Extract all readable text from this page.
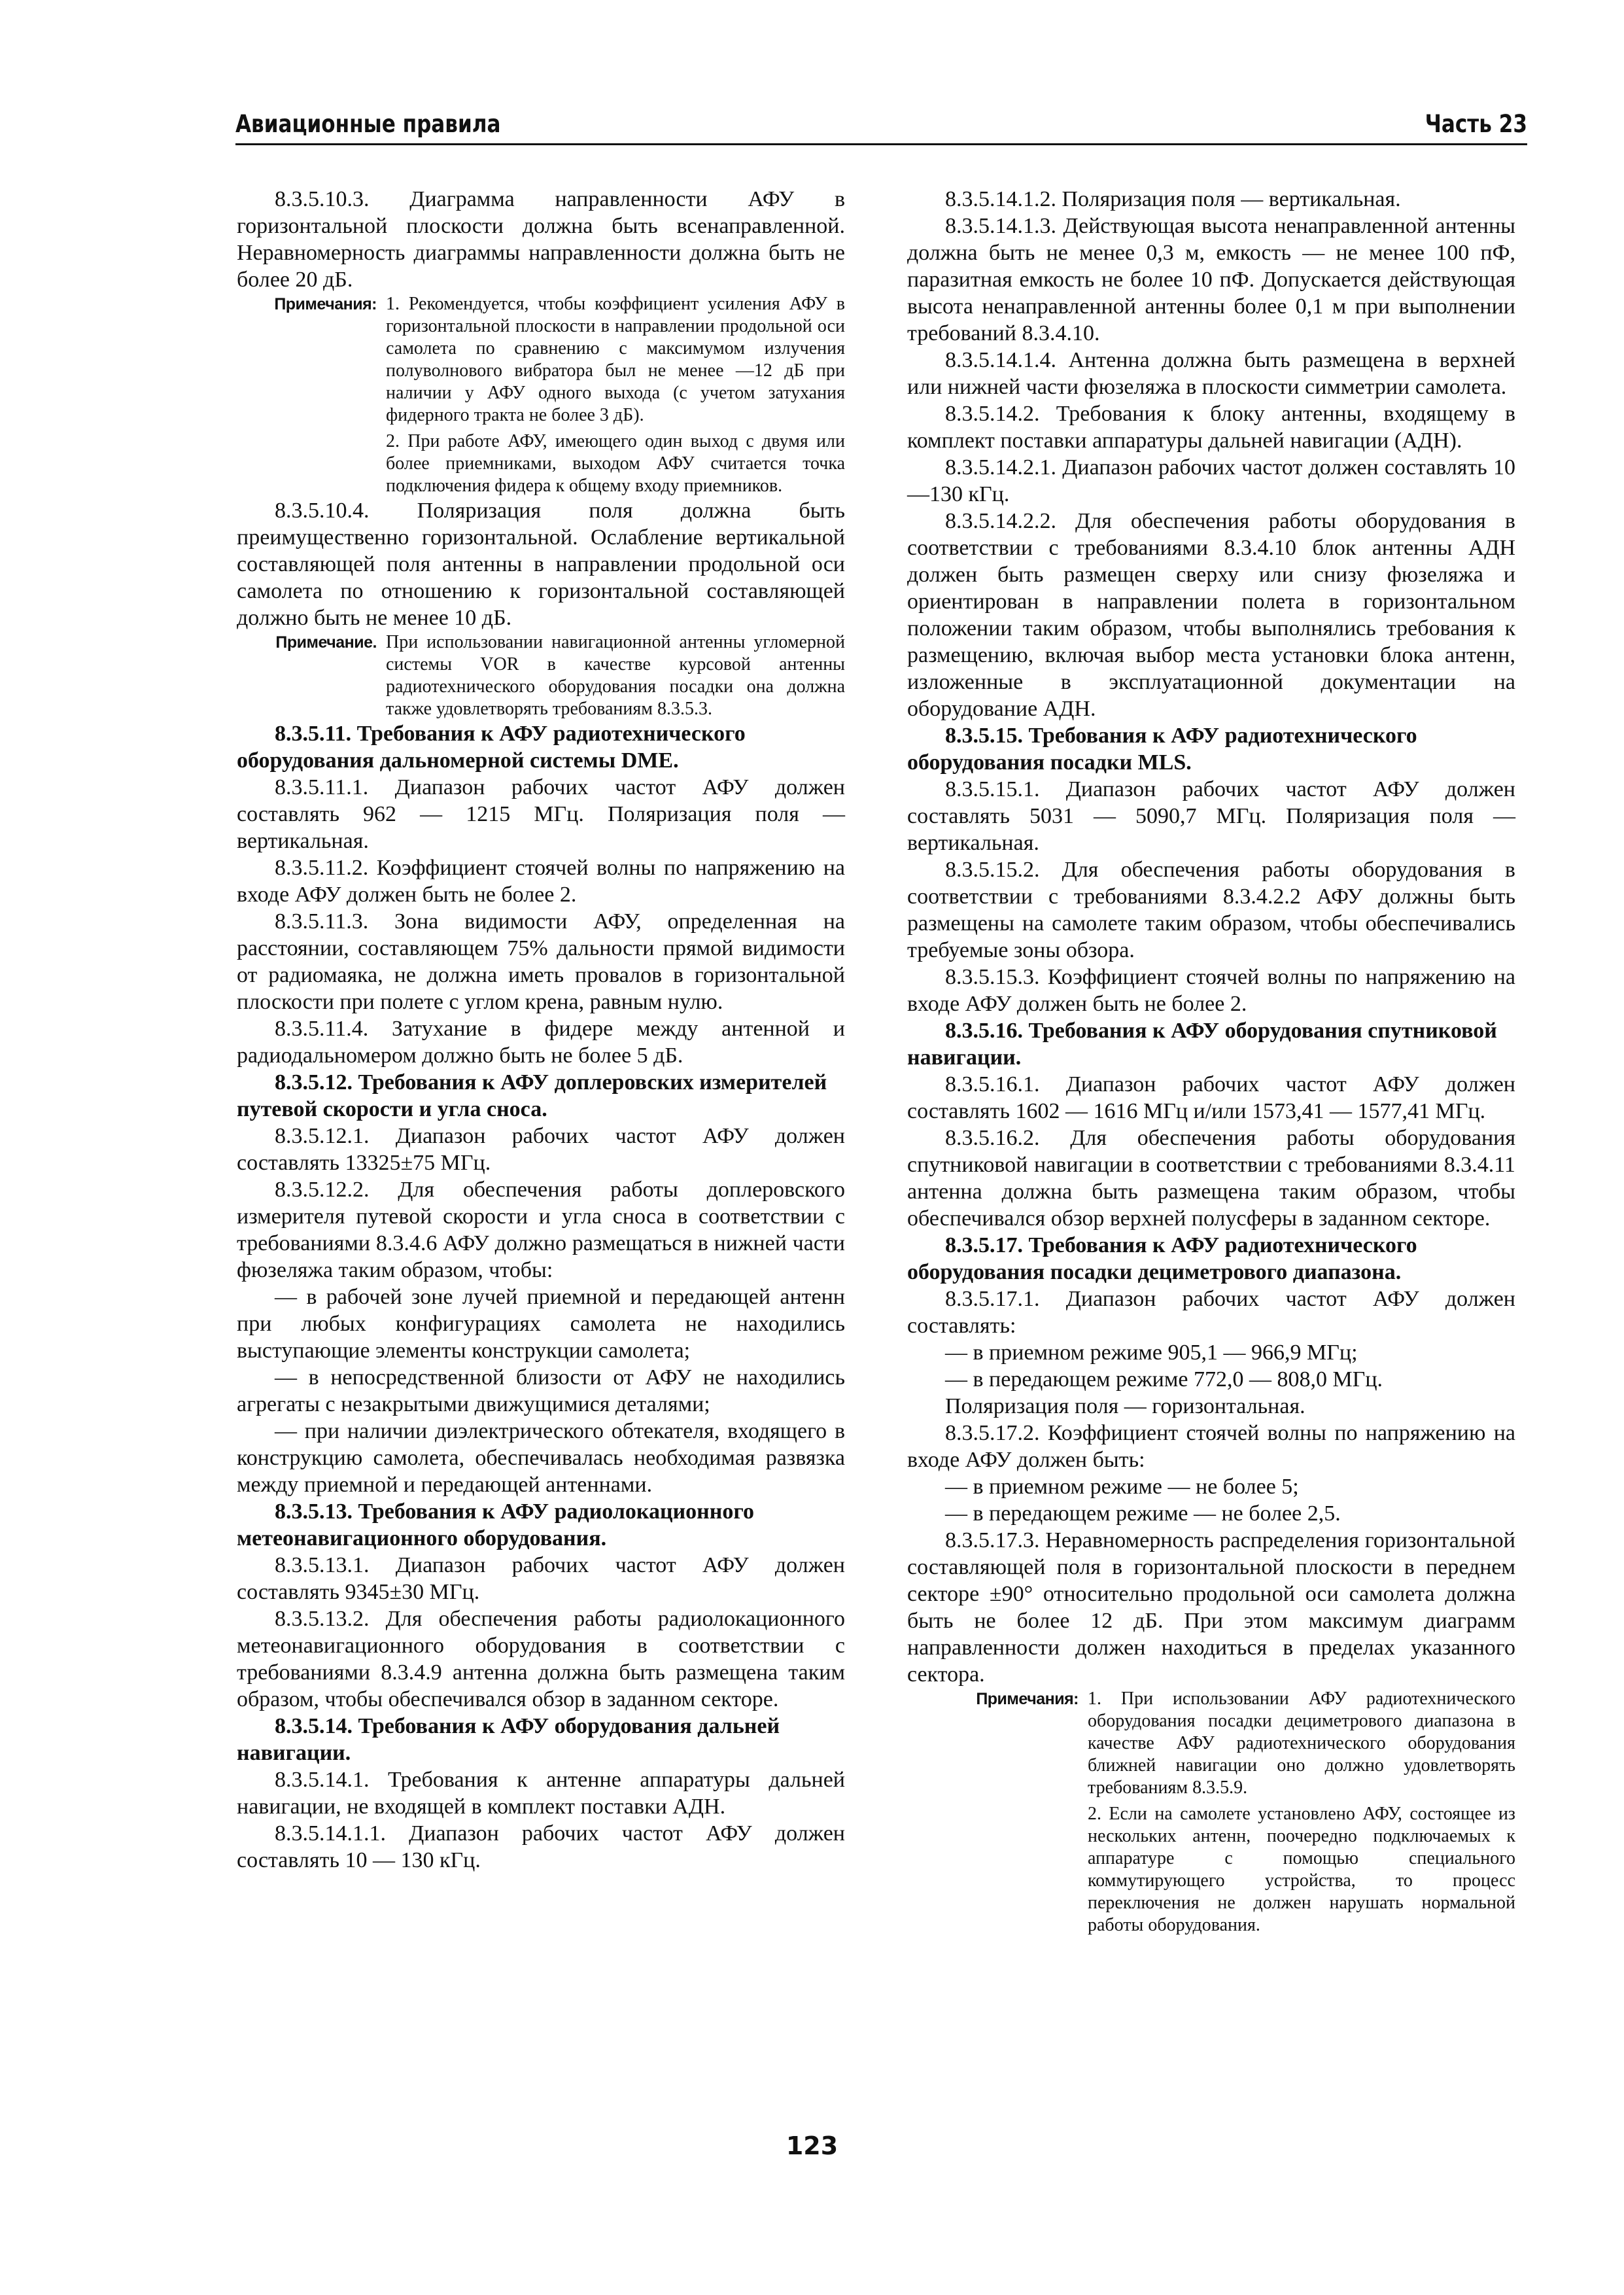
Авиационные правила	Часть 23

8.3.5.10.3. Диаграмма направленности АФУ в горизонтальной плоскости должна быть всенаправленной. Неравномерность диаграммы направленности должна быть не более 20 дБ.

Примечания: 1. Рекомендуется, чтобы коэффициент усиления АФУ в горизонтальной плоскости в направлении продольной оси самолета по сравнению с максимумом излучения полуволнового вибратора был не менее —12 дБ при наличии у АФУ одного выхода (с учетом затухания фидерного тракта не более 3 дБ).

2. При работе АФУ, имеющего один выход с двумя или более приемниками, выходом АФУ считается точка подключения фидера к общему входу приемников.

8.3.5.10.4. Поляризация поля должна быть преимущественно горизонтальной. Ослабление вертикальной составляющей поля антенны в направлении продольной оси самолета по отношению к горизонтальной составляющей должно быть не менее 10 дБ.

Примечание. При использовании навигационной антенны угломерной системы VOR в качестве курсовой антенны радиотехнического оборудования посадки она должна также удовлетворять требованиям 8.3.5.3.

8.3.5.11. Требования к АФУ радиотехнического оборудования дальномерной системы DME.

8.3.5.11.1. Диапазон рабочих частот АФУ должен составлять 962 — 1215 МГц. Поляризация поля — вертикальная.

8.3.5.11.2. Коэффициент стоячей волны по напряжению на входе АФУ должен быть не более 2.

8.3.5.11.3. Зона видимости АФУ, определенная на расстоянии, составляющем 75% дальности прямой видимости от радиомаяка, не должна иметь провалов в горизонтальной плоскости при полете с углом крена, равным нулю.

8.3.5.11.4. Затухание в фидере между антенной и радиодальномером должно быть не более 5 дБ.

8.3.5.12. Требования к АФУ доплеровских измерителей путевой скорости и угла сноса.

8.3.5.12.1. Диапазон рабочих частот АФУ должен составлять 13325±75 МГц.

8.3.5.12.2. Для обеспечения работы доплеровского измерителя путевой скорости и угла сноса в соответствии с требованиями 8.3.4.6 АФУ должно размещаться в нижней части фюзеляжа таким образом, чтобы:

— в рабочей зоне лучей приемной и передающей антенн при любых конфигурациях самолета не находились выступающие элементы конструкции самолета;

— в непосредственной близости от АФУ не находились агрегаты с незакрытыми движущимися деталями;

— при наличии диэлектрического обтекателя, входящего в конструкцию самолета, обеспечивалась необходимая развязка между приемной и передающей антеннами.

8.3.5.13. Требования к АФУ радиолокационного метеонавигационного оборудования.

8.3.5.13.1. Диапазон рабочих частот АФУ должен составлять 9345±30 МГц.

8.3.5.13.2. Для обеспечения работы радиолокационного метеонавигационного оборудования в соответствии с требованиями 8.3.4.9 антенна должна быть размещена таким образом, чтобы обеспечивался обзор в заданном секторе.

8.3.5.14. Требования к АФУ оборудования дальней навигации.

8.3.5.14.1. Требования к антенне аппаратуры дальней навигации, не входящей в комплект поставки АДН.

8.3.5.14.1.1. Диапазон рабочих частот АФУ должен составлять 10 — 130 кГц.

8.3.5.14.1.2. Поляризация поля — вертикальная.

8.3.5.14.1.3. Действующая высота ненаправленной антенны должна быть не менее 0,3 м, емкость — не менее 100 пФ, паразитная емкость не более 10 пФ. Допускается действующая высота ненаправленной антенны более 0,1 м при выполнении требований 8.3.4.10.

8.3.5.14.1.4. Антенна должна быть размещена в верхней или нижней части фюзеляжа в плоскости симметрии самолета.

8.3.5.14.2. Требования к блоку антенны, входящему в комплект поставки аппаратуры дальней навигации (АДН).

8.3.5.14.2.1. Диапазон рабочих частот должен составлять 10 —130 кГц.

8.3.5.14.2.2. Для обеспечения работы оборудования в соответствии с требованиями 8.3.4.10 блок антенны АДН должен быть размещен сверху или снизу фюзеляжа и ориентирован в направлении полета в горизонтальном положении таким образом, чтобы выполнялись требования к размещению, включая выбор места установки блока антенн, изложенные в эксплуатационной документации на оборудование АДН.

8.3.5.15. Требования к АФУ радиотехнического оборудования посадки MLS.

8.3.5.15.1. Диапазон рабочих частот АФУ должен составлять 5031 — 5090,7 МГц. Поляризация поля — вертикальная.

8.3.5.15.2. Для обеспечения работы оборудования в соответствии с требованиями 8.3.4.2.2 АФУ должны быть размещены на самолете таким образом, чтобы обеспечивались требуемые зоны обзора.

8.3.5.15.3. Коэффициент стоячей волны по напряжению на входе АФУ должен быть не более 2.

8.3.5.16. Требования к АФУ оборудования спутниковой навигации.

8.3.5.16.1. Диапазон рабочих частот АФУ должен составлять 1602 — 1616 МГц и/или 1573,41 — 1577,41 МГц.

8.3.5.16.2. Для обеспечения работы оборудования спутниковой навигации в соответствии с требованиями 8.3.4.11 антенна должна быть размещена таким образом, чтобы обеспечивался обзор верхней полусферы в заданном секторе.

8.3.5.17. Требования к АФУ радиотехнического оборудования посадки дециметрового диапазона.

8.3.5.17.1. Диапазон рабочих частот АФУ должен составлять:

— в приемном режиме 905,1 — 966,9 МГц;

— в передающем режиме 772,0 — 808,0 МГц.

Поляризация поля — горизонтальная.

8.3.5.17.2. Коэффициент стоячей волны по напряжению на входе АФУ должен быть:

— в приемном режиме — не более 5;

— в передающем режиме — не более 2,5.

8.3.5.17.3. Неравномерность распределения горизонтальной составляющей поля в горизонтальной плоскости в переднем секторе ±90° относительно продольной оси самолета должна быть не более 12 дБ. При этом максимум диаграмм направленности должен находиться в пределах указанного сектора.

Примечания: 1. При использовании АФУ радиотехнического оборудования посадки дециметрового диапазона в качестве АФУ радиотехнического оборудования ближней навигации оно должно удовлетворять требованиям 8.3.5.9.

2. Если на самолете установлено АФУ, состоящее из нескольких антенн, поочередно подключаемых к аппаратуре с помощью специального коммутирующего устройства, то процесс переключения не должен нарушать нормальной работы оборудования.

123
